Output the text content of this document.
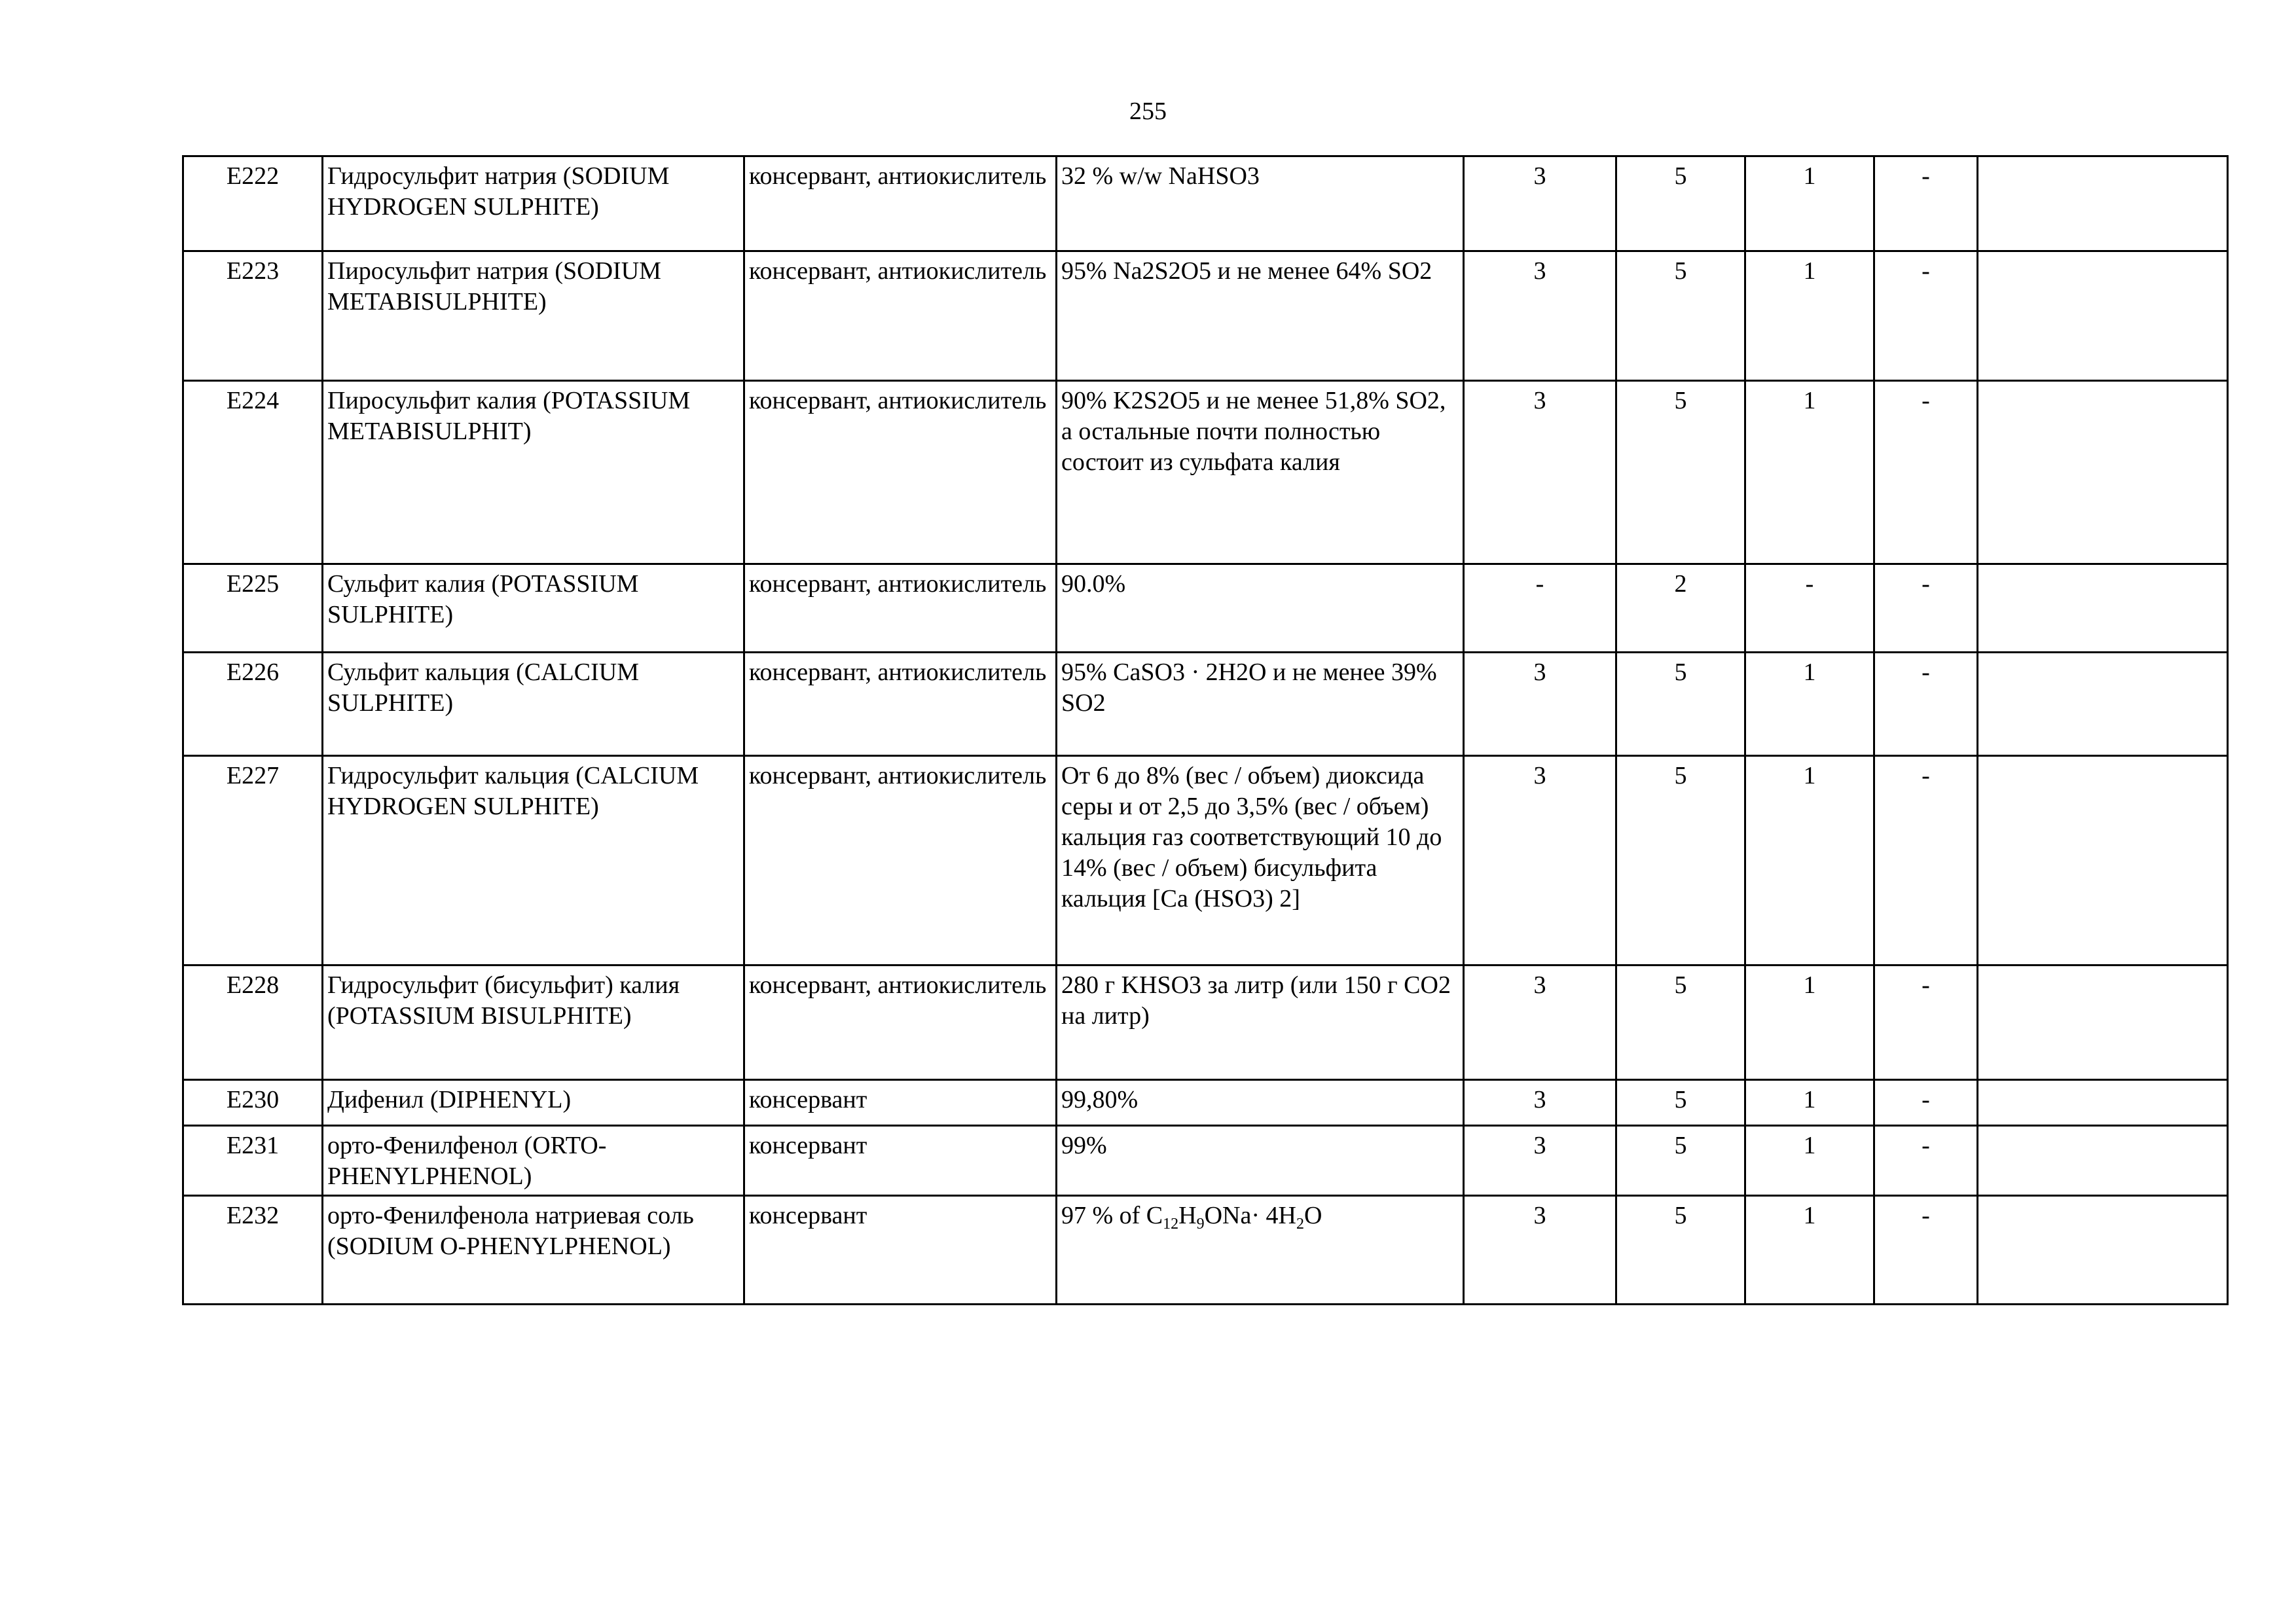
255
E222	Гидросульфит натрия (SODIUM HYDROGEN SULPHITE)	консервант, антиокислитель	32 % w/w NaHSO3	3	5	1	-	
E223	Пиросульфит натрия (SODIUM METABISULPHITE)	консервант, антиокислитель	95% Na2S2O5 и не менее 64% SO2	3	5	1	-	
E224	Пиросульфит калия (POTASSIUM METABISULPHIT)	консервант, антиокислитель	90% K2S2O5 и не менее 51,8% SO2, а остальные почти полностью состоит из сульфата калия	3	5	1	-	
E225	Сульфит калия (POTASSIUM SULPHITE)	консервант, антиокислитель	90.0%	-	2	-	-	
E226	Сульфит кальция (CALCIUM SULPHITE)	консервант, антиокислитель	95% CaSO3 · 2H2O и не менее 39% SO2	3	5	1	-	
E227	Гидросульфит кальция (CALCIUM HYDROGEN SULPHITE)	консервант, антиокислитель	От 6 до 8% (вес / объем) диоксида серы и от 2,5 до 3,5% (вес / объем) кальция газ соответствующий 10 до 14% (вес / объем) бисульфита кальция [Ca (HSO3) 2]	3	5	1	-	
E228	Гидросульфит (бисульфит) калия (POTASSIUM BISULPHITE)	консервант, антиокислитель	280 г KHSO3 за литр (или 150 г СО2 на литр)	3	5	1	-	
E230	Дифенил (DIPHENYL)	консервант	99,80%	3	5	1	-	
E231	орто-Фенилфенол (ORTO-PHENYLPHENOL)	консервант	99%	3	5	1	-	
E232	орто-Фенилфенола натриевая соль (SODIUM O-PHENYLPHENOL)	консервант	97 % of $C_{12}H_9ONa\cdot 4H_2O$	3	5	1	-	
